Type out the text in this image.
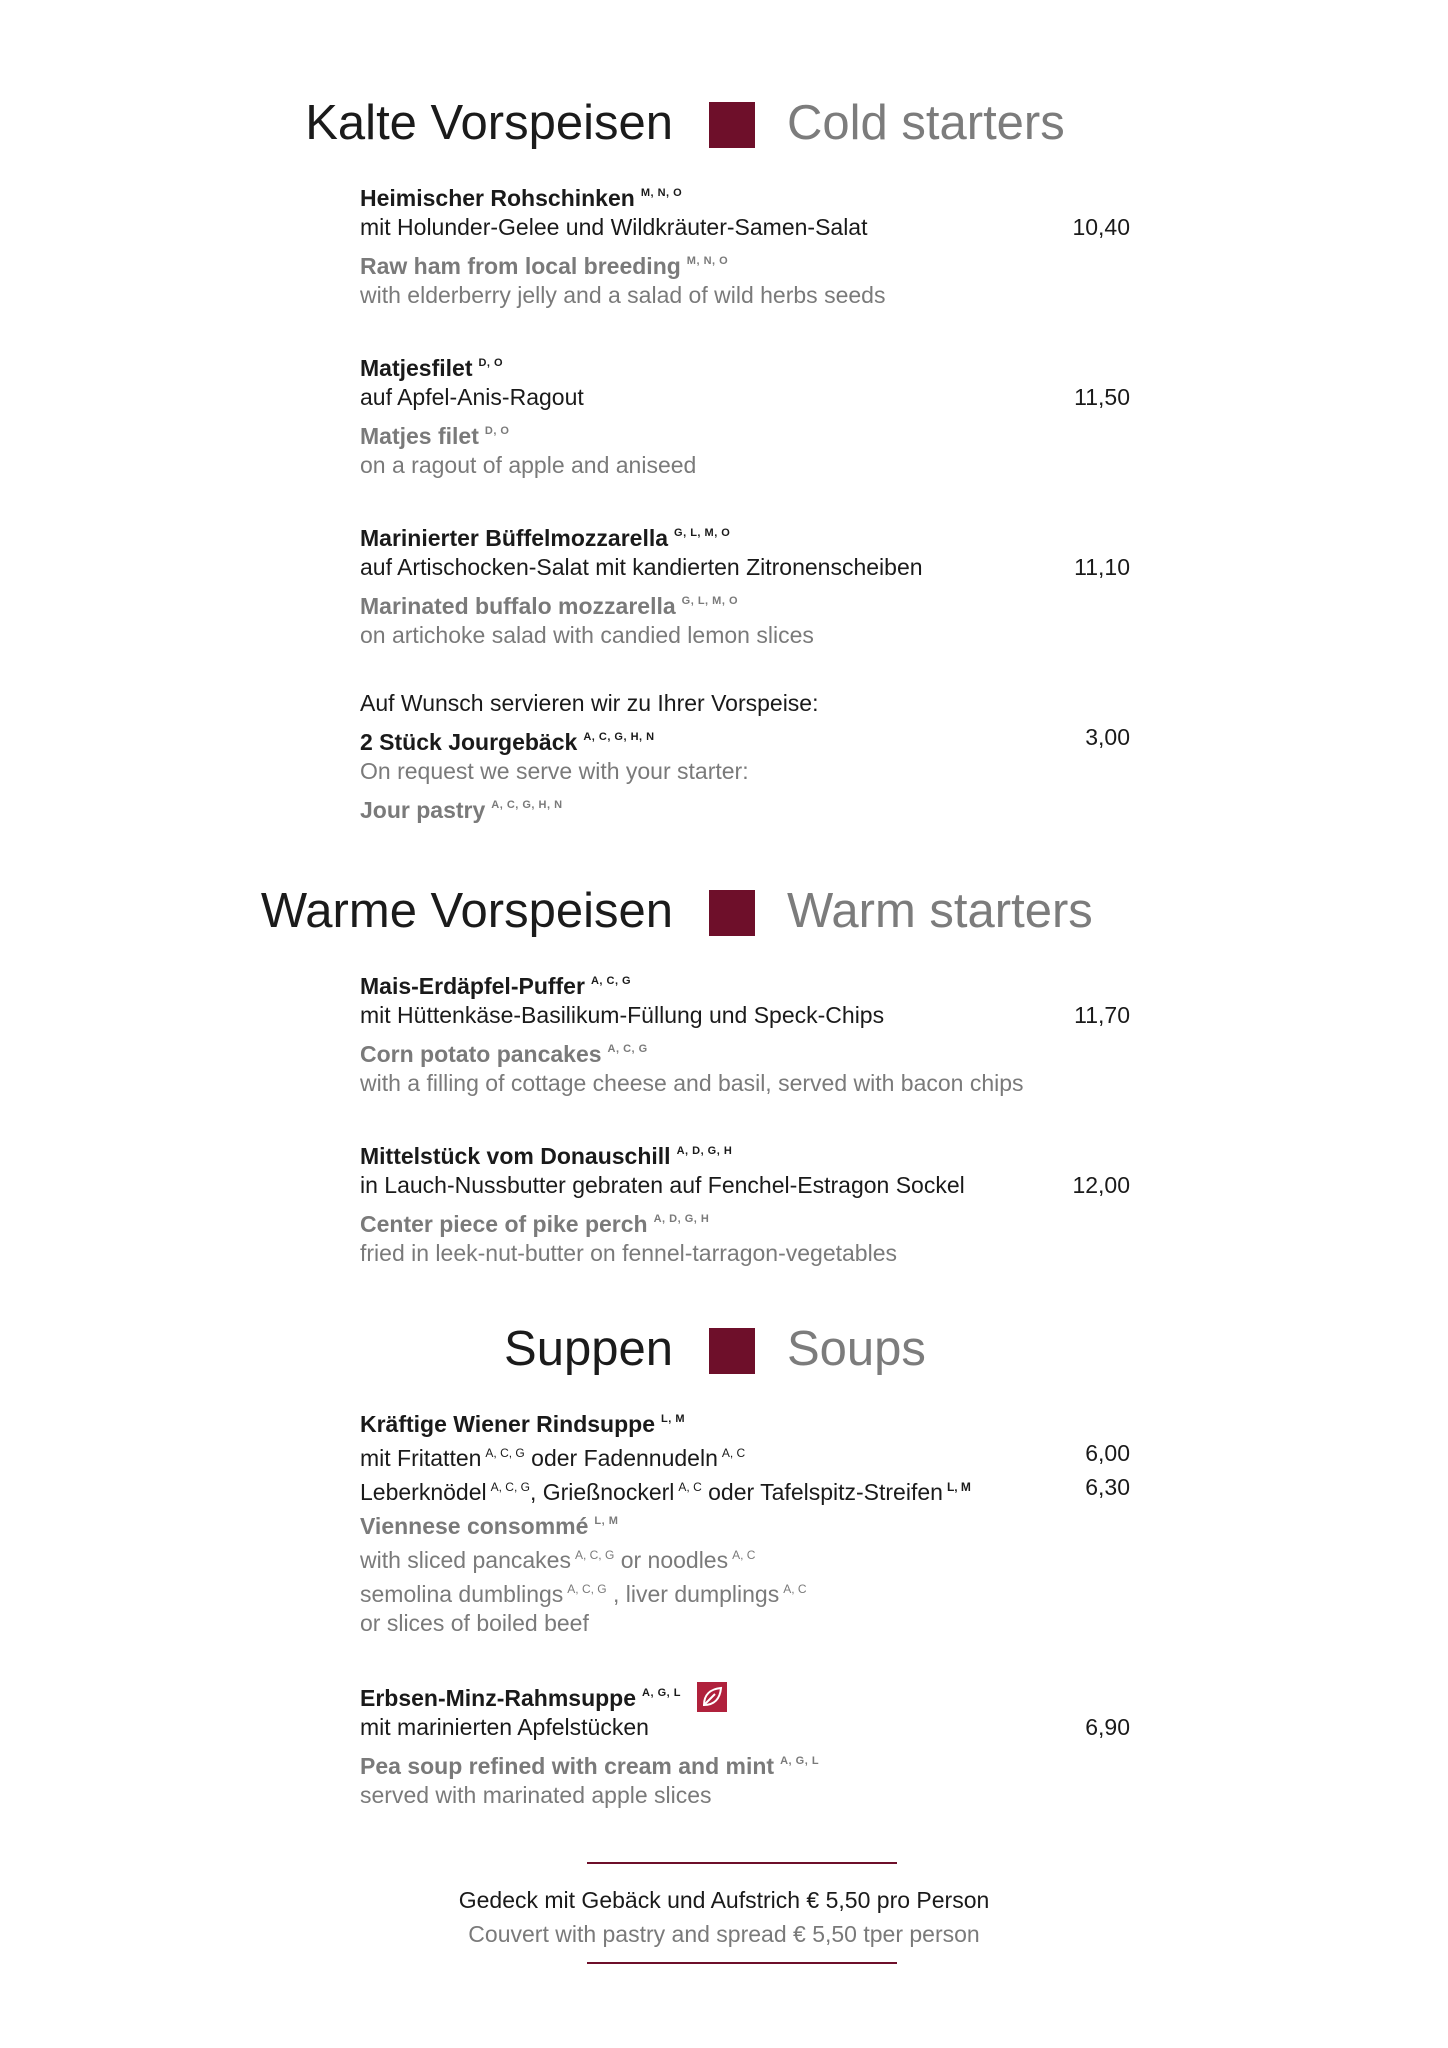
Kalte Vorspeisen Cold starters
Heimischer Rohschinken $^{M, N, O}$
mit Holunder-Gelee und Wildkräuter-Samen-Salat	10,40
Raw ham from local breeding $^{M, N, O}$
with elderberry jelly and a salad of wild herbs seeds
Matjesfilet $^{D, O}$
auf Apfel-Anis-Ragout	11,50
Matjes filet $^{D, O}$
on a ragout of apple and aniseed
Marinierter Büffelmozzarella $^{G, L, M, O}$
auf Artischocken-Salat mit kandierten Zitronenscheiben	11,10
Marinated buffalo mozzarella $^{G, L, M, O}$
on artichoke salad with candied lemon slices
Auf Wunsch servieren wir zu Ihrer Vorspeise:
2 Stück Jourgebäck $^{A, C, G, H, N}$	3,00
On request we serve with your starter:
Jour pastry $^{A, C, G, H, N}$
Warme Vorspeisen Warm starters
Mais-Erdäpfel-Puffer $^{A, C, G}$
mit Hüttenkäse-Basilikum-Füllung und Speck-Chips	11,70
Corn potato pancakes $^{A, C, G}$
with a filling of cottage cheese and basil, served with bacon chips
Mittelstück vom Donauschill $^{A, D, G, H}$
in Lauch-Nussbutter gebraten auf Fenchel-Estragon Sockel	12,00
Center piece of pike perch $^{A, D, G, H}$
fried in leek-nut-butter on fennel-tarragon-vegetables
Suppen Soups
Kräftige Wiener Rindsuppe $^{L, M}$
mit Fritatten $^{A, C, G}$ oder Fadennudeln $^{A, C}$	6,00
Leberknödel $^{A, C, G}$, Grießnockerl $^{A, C}$ oder Tafelspitz-Streifen $^{L, M}$	6,30
Viennese consommé $^{L, M}$
with sliced pancakes $^{A, C, G}$ or noodles $^{A, C}$
semolina dumblings $^{A, C, G}$ , liver dumplings $^{A, C}$
or slices of boiled beef
Erbsen-Minz-Rahmsuppe $^{A, G, L}$
mit marinierten Apfelstücken	6,90
Pea soup refined with cream and mint $^{A, G, L}$
served with marinated apple slices
Gedeck mit Gebäck und Aufstrich € 5,50 pro Person
Couvert with pastry and spread € 5,50 tper person
